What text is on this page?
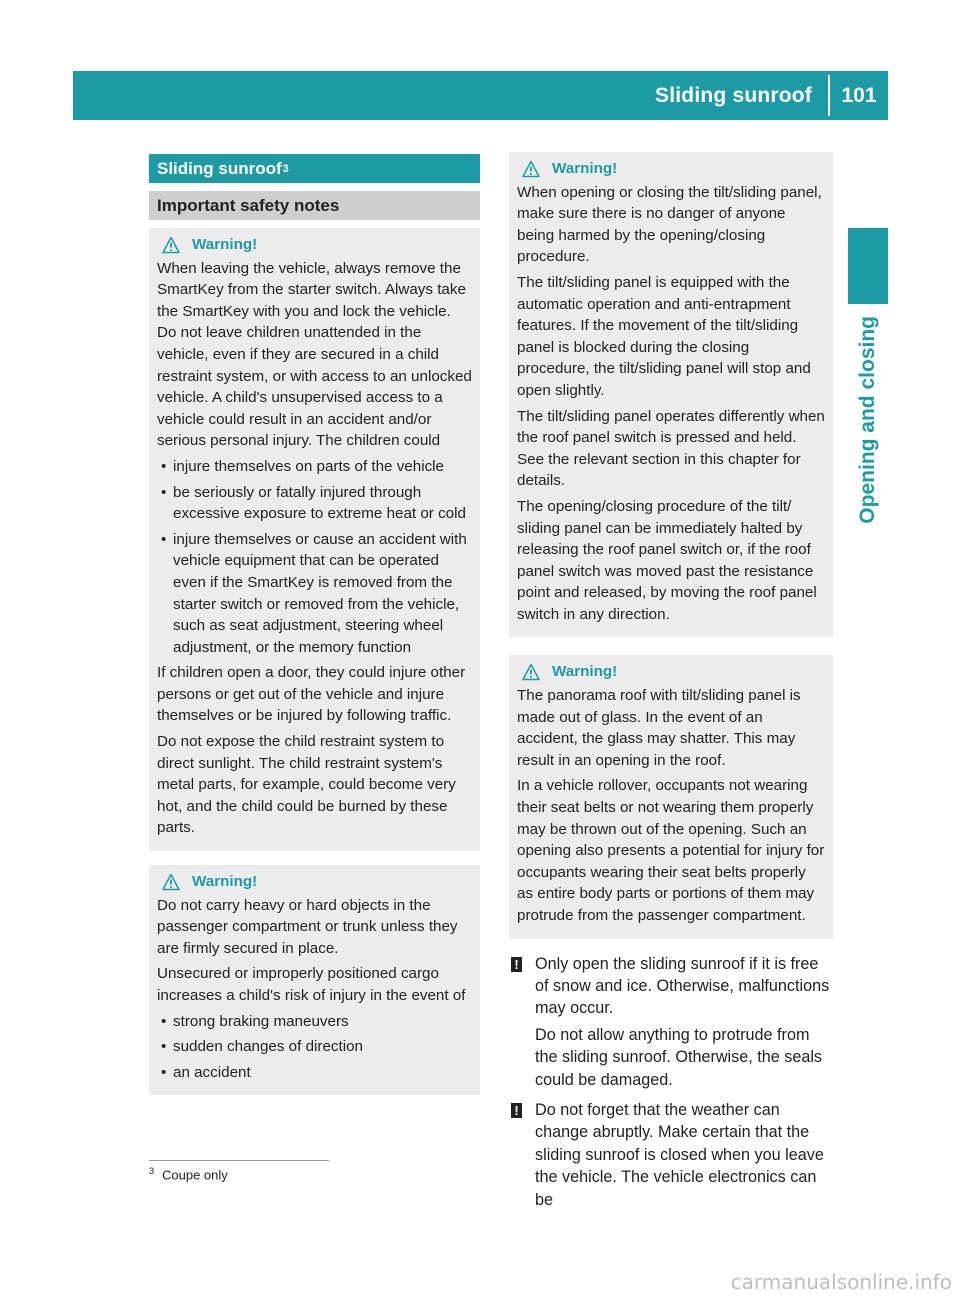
Sliding sunroof	101
Opening and closing
Sliding sunroof 3
Important safety notes
Warning!

When leaving the vehicle, always remove the SmartKey from the starter switch. Always take the SmartKey with you and lock the vehicle. Do not leave children unattended in the vehicle, even if they are secured in a child restraint system, or with access to an unlocked vehicle. A child's unsupervised access to a vehicle could result in an accident and/or serious personal injury. The children could

• injure themselves on parts of the vehicle
• be seriously or fatally injured through excessive exposure to extreme heat or cold
• injure themselves or cause an accident with vehicle equipment that can be operated even if the SmartKey is removed from the starter switch or removed from the vehicle, such as seat adjustment, steering wheel adjustment, or the memory function

If children open a door, they could injure other persons or get out of the vehicle and injure themselves or be injured by following traffic.

Do not expose the child restraint system to direct sunlight. The child restraint system's metal parts, for example, could become very hot, and the child could be burned by these parts.

Warning!

Do not carry heavy or hard objects in the passenger compartment or trunk unless they are firmly secured in place.

Unsecured or improperly positioned cargo increases a child's risk of injury in the event of

• strong braking maneuvers
• sudden changes of direction
• an accident
Warning!

When opening or closing the tilt/sliding panel, make sure there is no danger of anyone being harmed by the opening/closing procedure.

The tilt/sliding panel is equipped with the automatic operation and anti-entrapment features. If the movement of the tilt/sliding panel is blocked during the closing procedure, the tilt/sliding panel will stop and open slightly.

The tilt/sliding panel operates differently when the roof panel switch is pressed and held. See the relevant section in this chapter for details.

The opening/closing procedure of the tilt/ sliding panel can be immediately halted by releasing the roof panel switch or, if the roof panel switch was moved past the resistance point and released, by moving the roof panel switch in any direction.

Warning!

The panorama roof with tilt/sliding panel is made out of glass. In the event of an accident, the glass may shatter. This may result in an opening in the roof.

In a vehicle rollover, occupants not wearing their seat belts or not wearing them properly may be thrown out of the opening. Such an opening also presents a potential for injury for occupants wearing their seat belts properly as entire body parts or portions of them may protrude from the passenger compartment.

! Only open the sliding sunroof if it is free of snow and ice. Otherwise, malfunctions may occur.

Do not allow anything to protrude from the sliding sunroof. Otherwise, the seals could be damaged.

! Do not forget that the weather can change abruptly. Make certain that the sliding sunroof is closed when you leave the vehicle. The vehicle electronics can be

$^3$ Coupe only
carmanualsonline.info
